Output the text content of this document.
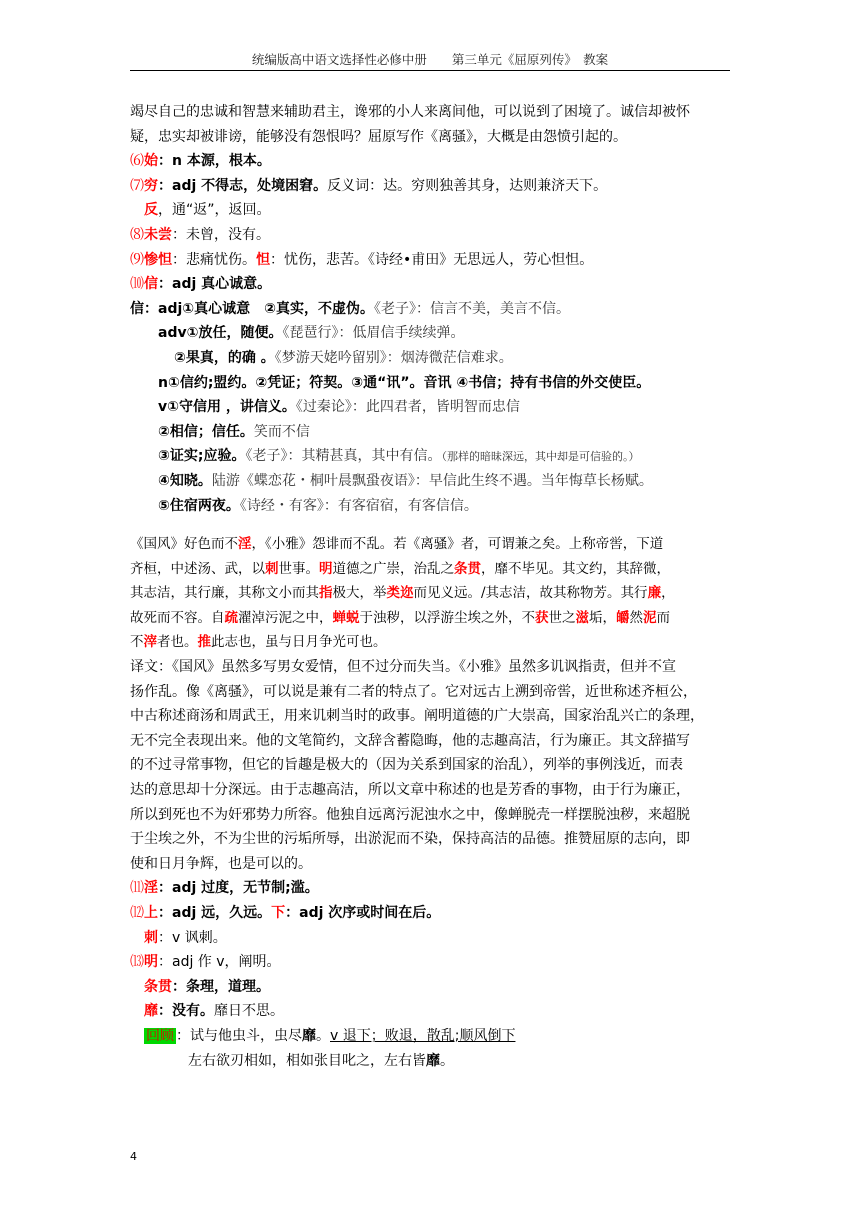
统编版高中语文选择性必修中册　　第三单元《屈原列传》　教案
竭尽自己的忠诚和智慧来辅助君主，谗邪的小人来离间他，可以说到了困境了。诚信却被怀
疑，忠实却被诽谤，能够没有怨恨吗？屈原写作《离骚》，大概是由怨愤引起的。
⑹始：n 本源，根本。
⑺穷：adj 不得志，处境困窘。反义词：达。穷则独善其身，达则兼济天下。
反，通“返”，返回。
⑻未尝：未曾，没有。
⑼惨怛：悲痛忧伤。怛：忧伤，悲苦。《诗经•甫田》无思远人，劳心怛怛。
⑽信：adj 真心诚意。
信：adj①真心诚意　②真实，不虚伪。《老子》：信言不美，美言不信。
adv①放任，随便。《琵琶行》：低眉信手续续弹。
②果真，的确 。《梦游天姥吟留别》：烟涛微茫信难求。
n①信约;盟约。②凭证；符契。③通“讯”。音讯 ④书信；持有书信的外交使臣。
v①守信用 ，讲信义。《过秦论》：此四君者，皆明智而忠信
②相信；信任。笑而不信
③证实;应验。《老子》：其精甚真，其中有信。（那样的暗昧深远，其中却是可信验的。）
④知晓。陆游《蝶恋花・桐叶晨飘蛩夜语》：早信此生终不遇。当年悔草长杨赋。
⑤住宿两夜。《诗经・有客》：有客宿宿，有客信信。
《国风》好色而不淫，《小雅》怨诽而不乱。若《离骚》者，可谓兼之矣。上称帝喾，下道
齐桓，中述汤、武，以刺世事。明道德之广崇，治乱之条贯，靡不毕见。其文约，其辞微，
其志洁，其行廉，其称文小而其指极大，举类迩而见义远。/其志洁，故其称物芳。其行廉，
故死而不容。自疏濯淖污泥之中，蝉蜕于浊秽，以浮游尘埃之外，不获世之滋垢，皭然泥而
不滓者也。推此志也，虽与日月争光可也。
译文：《国风》虽然多写男女爱情，但不过分而失当。《小雅》虽然多讥讽指责，但并不宣
扬作乱。像《离骚》，可以说是兼有二者的特点了。它对远古上溯到帝喾，近世称述齐桓公，
中古称述商汤和周武王，用来讥刺当时的政事。阐明道德的广大崇高，国家治乱兴亡的条理，
无不完全表现出来。他的文笔简约，文辞含蓄隐晦，他的志趣高洁，行为廉正。其文辞描写
的不过寻常事物，但它的旨趣是极大的（因为关系到国家的治乱），列举的事例浅近，而表
达的意思却十分深远。由于志趣高洁，所以文章中称述的也是芳香的事物，由于行为廉正，
所以到死也不为奸邪势力所容。他独自远离污泥浊水之中，像蝉脱壳一样摆脱浊秽，来超脱
于尘埃之外，不为尘世的污垢所辱，出淤泥而不染，保持高洁的品德。推赞屈原的志向，即
使和日月争辉，也是可以的。
⑾淫：adj 过度，无节制;滥。
⑿上：adj 远，久远。下：adj 次序或时间在后。
刺：v 讽刺。
⒀明：adj 作 v，阐明。
条贯：条理，道理。
靡：没有。靡日不思。
回顾 ：试与他虫斗，虫尽靡。v 退下；败退，散乱;顺风倒下
左右欲刃相如，相如张目叱之，左右皆靡。
4
